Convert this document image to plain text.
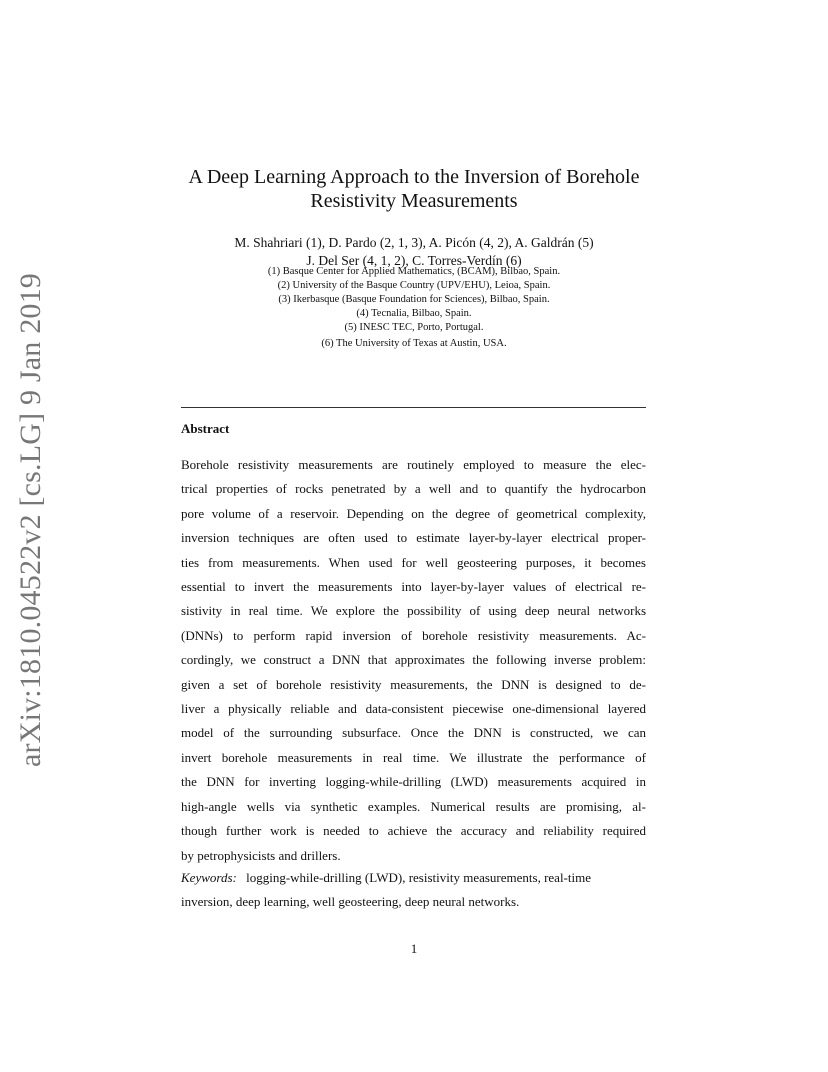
arXiv:1810.04522v2 [cs.LG] 9 Jan 2019
A Deep Learning Approach to the Inversion of Borehole
Resistivity Measurements
M. Shahriari (1), D. Pardo (2, 1, 3), A. Picón (4, 2), A. Galdrán (5)
J. Del Ser (4, 1, 2), C. Torres-Verdín (6)
(1) Basque Center for Applied Mathematics, (BCAM), Bilbao, Spain.
(2) University of the Basque Country (UPV/EHU), Leioa, Spain.
(3) Ikerbasque (Basque Foundation for Sciences), Bilbao, Spain.
(4) Tecnalia, Bilbao, Spain.
(5) INESC TEC, Porto, Portugal.
(6) The University of Texas at Austin, USA.
Abstract

Borehole resistivity measurements are routinely employed to measure the elec-
trical properties of rocks penetrated by a well and to quantify the hydrocarbon
pore volume of a reservoir. Depending on the degree of geometrical complexity,
inversion techniques are often used to estimate layer-by-layer electrical proper-
ties from measurements. When used for well geosteering purposes, it becomes
essential to invert the measurements into layer-by-layer values of electrical re-
sistivity in real time. We explore the possibility of using deep neural networks
(DNNs) to perform rapid inversion of borehole resistivity measurements. Ac-
cordingly, we construct a DNN that approximates the following inverse problem:
given a set of borehole resistivity measurements, the DNN is designed to de-
liver a physically reliable and data-consistent piecewise one-dimensional layered
model of the surrounding subsurface. Once the DNN is constructed, we can
invert borehole measurements in real time. We illustrate the performance of
the DNN for inverting logging-while-drilling (LWD) measurements acquired in
high-angle wells via synthetic examples. Numerical results are promising, al-
though further work is needed to achieve the accuracy and reliability required
by petrophysicists and drillers.

Keywords: logging-while-drilling (LWD), resistivity measurements, real-time
inversion, deep learning, well geosteering, deep neural networks.

1
